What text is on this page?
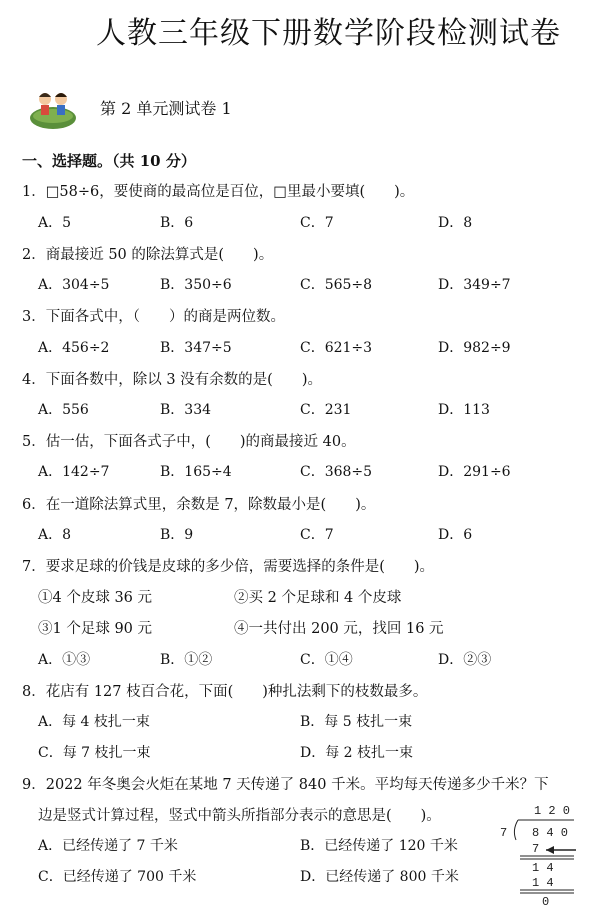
人教三年级下册数学阶段检测试卷
第 2 单元测试卷 1
一、选择题。（共 10 分）
1．□58÷6，要使商的最高位是百位，□里最小要填(　　)。
A．5	B．6	C．7	D．8
2．商最接近 50 的除法算式是(　　)。
A．304÷5	B．350÷6	C．565÷8	D．349÷7
3．下面各式中，（　　）的商是两位数。
A．456÷2	B．347÷5	C．621÷3	D．982÷9
4．下面各数中，除以 3 没有余数的是(　　)。
A．556	B．334	C．231	D．113
5．估一估，下面各式子中，(　　)的商最接近 40。
A．142÷7	B．165÷4	C．368÷5	D．291÷6
6．在一道除法算式里，余数是 7，除数最小是(　　)。
A．8	B．9	C．7	D．6
7．要求足球的价钱是皮球的多少倍，需要选择的条件是(　　)。
①4 个皮球 36 元	②买 2 个足球和 4 个皮球
③1 个足球 90 元	④一共付出 200 元，找回 16 元
A．①③	B．①②	C．①④	D．②③
8．花店有 127 枝百合花，下面(　　)种扎法剩下的枝数最多。
A．每 4 枝扎一束	B．每 5 枝扎一束
C．每 7 枝扎一束	D．每 2 枝扎一束
9．2022 年冬奥会火炬在某地 7 天传递了 840 千米。平均每天传递多少千米？下
边是竖式计算过程，竖式中箭头所指部分表示的意思是(　　)。
A．已经传递了 7 千米	B．已经传递了 120 千米
C．已经传递了 700 千米	D．已经传递了 800 千米
1 2 0
7 8 4 0
7
1 4
1 4
0
